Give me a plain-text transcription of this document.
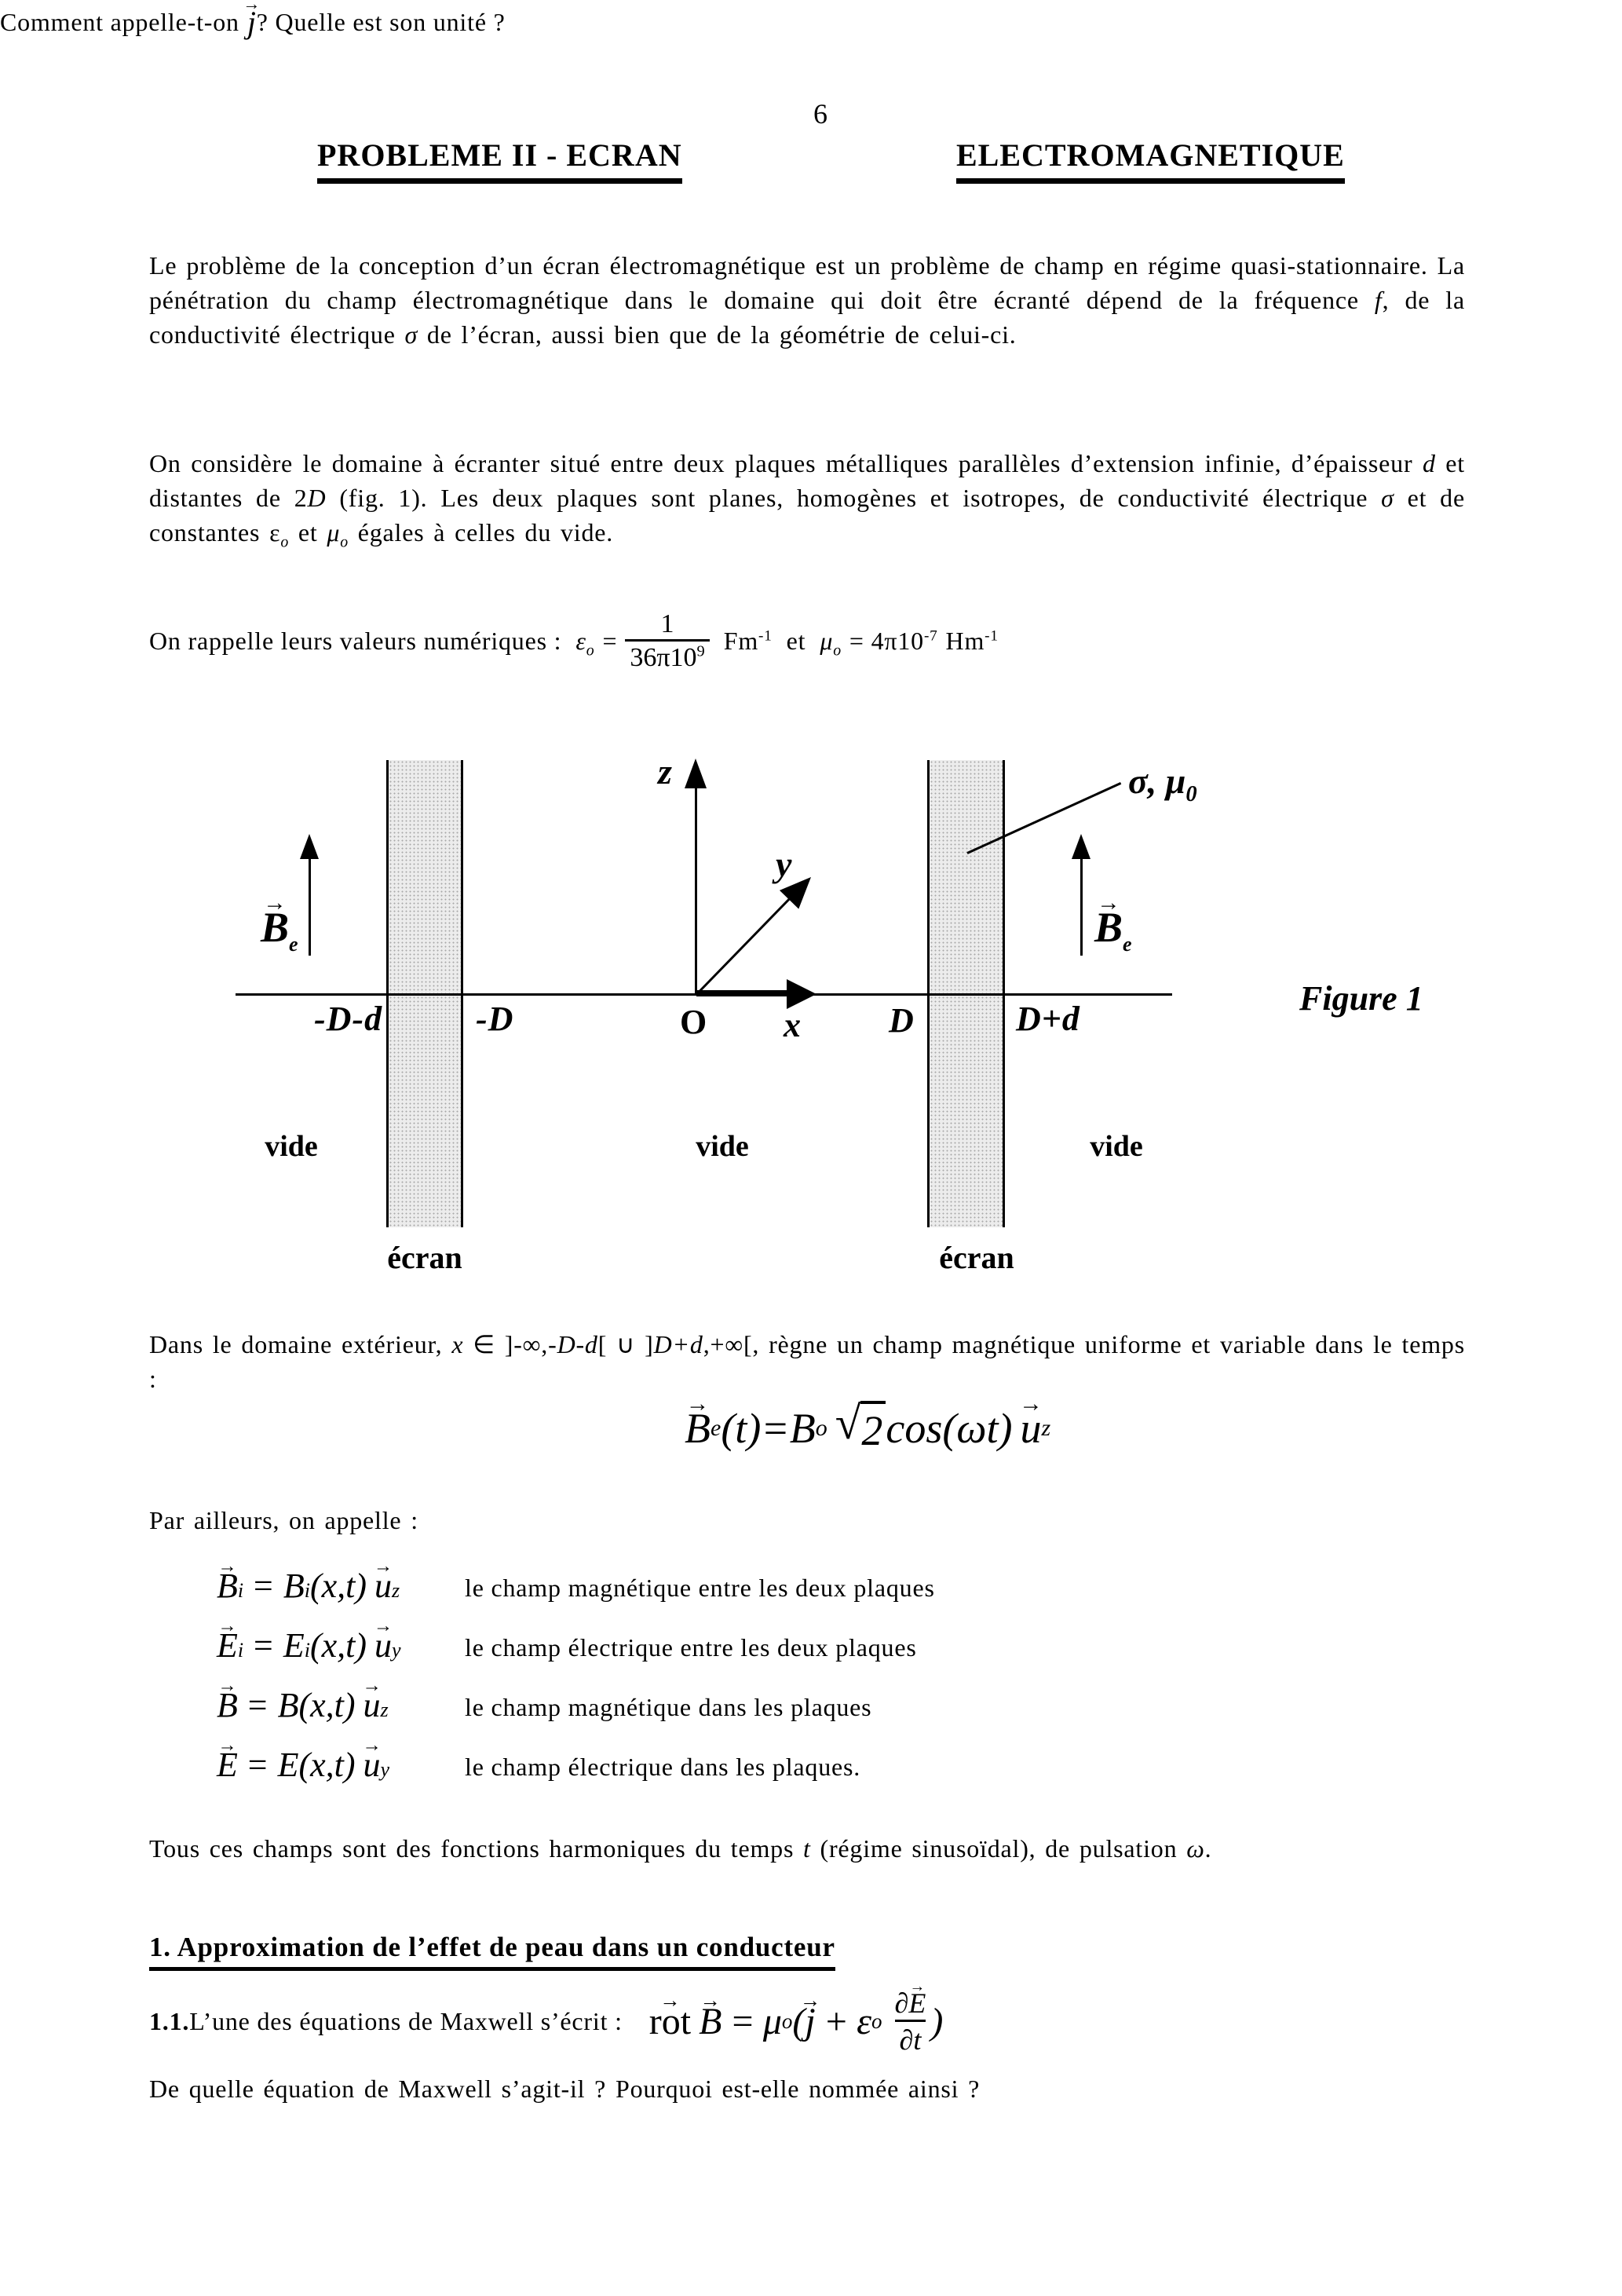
6
PROBLEME II - ECRAN	ELECTROMAGNETIQUE
Le problème de la conception d’un écran électromagnétique est un problème de champ en régime quasi-stationnaire. La pénétration du champ électromagnétique dans le domaine qui doit être écranté dépend de la fréquence f, de la conductivité électrique σ de l’écran, aussi bien que de la géométrie de celui-ci.
On considère le domaine à écranter situé entre deux plaques métalliques parallèles d’extension infinie, d’épaisseur d et distantes de 2D (fig. 1). Les deux plaques sont planes, homogènes et isotropes, de conductivité électrique σ et de constantes $\varepsilon_o$ et $\mu_o$ égales à celles du vide.
On rappelle leurs valeurs numériques : $\varepsilon_o = \frac{1}{36\pi 10^9} Fm^{-1}$ et $\mu_o = 4\pi 10^{-7}$ $Hm^{-1}$
z
y
x
O
-D-d	-D	D	D+d
$B \to_e$	$B \to_e$
σ, $\mu_0$
vide	vide	vide
écran	écran
Figure 1
Dans le domaine extérieur, x ∈ ]-∞,-D-d[ ∪ ]D+d,+∞[, règne un champ magnétique uniforme et variable dans le temps :
B → e (t) = B o √ 2 cos( ωt ) u → z
Par ailleurs, on appelle :
B → i = B i (x,t) u → z	le champ magnétique entre les deux plaques
E → i = E i (x,t) u → y	le champ électrique entre les deux plaques
B → = B (x,t) u → z	le champ magnétique dans les plaques
E → = E (x,t) u → y	le champ électrique dans les plaques.
Tous ces champs sont des fonctions harmoniques du temps t (régime sinusoïdal), de pulsation ω.
1. Approximation de l’effet de peau dans un conducteur
1.1. L’une des équations de Maxwell s’écrit : rot → B → = μ o ( j → + ε o $\frac{\partial E \to}{\partial t}$ )
De quelle équation de Maxwell s’agit-il ? Pourquoi est-elle nommée ainsi ?
Comment appelle-t-on j → ? Quelle est son unité ?
